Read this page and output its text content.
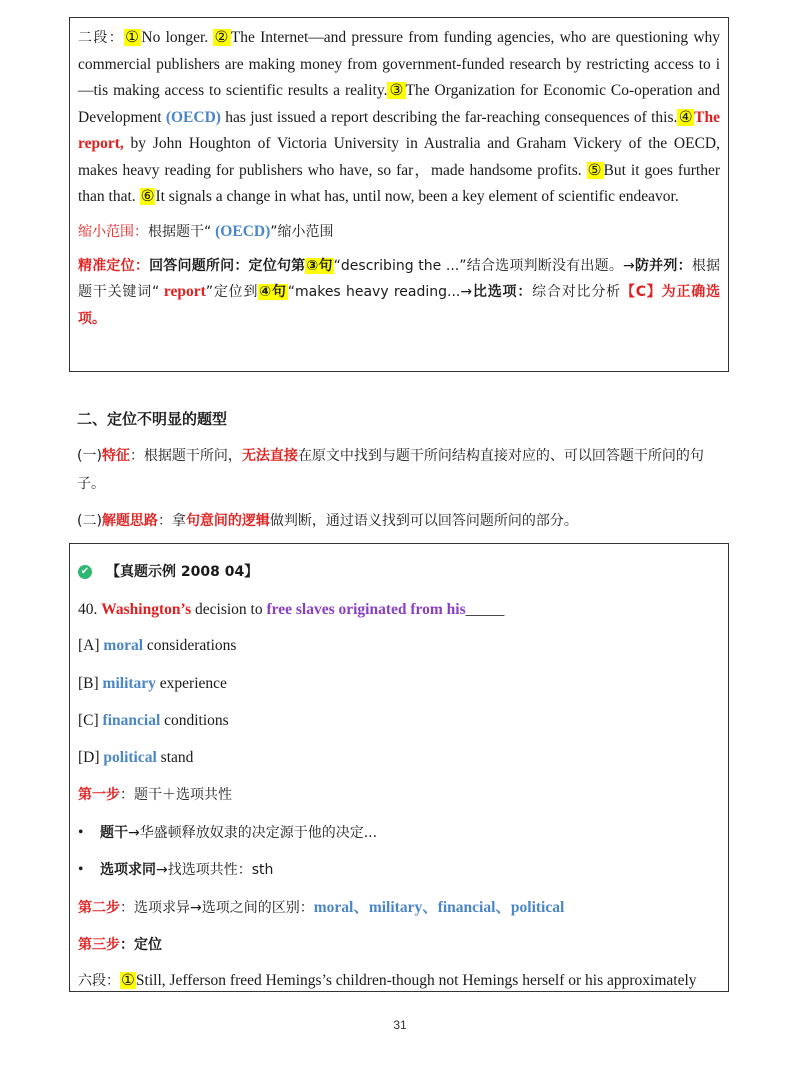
二段：①No longer. ②The Internet—and pressure from funding agencies, who are questioning why commercial publishers are making money from government-funded research by restricting access to i —tis making access to scientific results a reality.③The Organization for Economic Co-operation and Development (OECD) has just issued a report describing the far-reaching consequences of this.④The report, by John Houghton of Victoria University in Australia and Graham Vickery of the OECD, makes heavy reading for publishers who have, so far，made handsome profits. ⑤But it goes further than that. ⑥It signals a change in what has, until now, been a key element of scientific endeavor.

缩小范围：根据题干“ (OECD)”缩小范围

精准定位：回答问题所问：定位句第③句“describing the ...”结合选项判断没有出题。→防并列：根据题干关键词“ report”定位到④句“makes heavy reading...→比选项：综合对比分析【C】为正确选项。

二、定位不明显的题型
(一)特征：根据题干所问，无法直接在原文中找到与题干所问结构直接对应的、可以回答题干所问的句子。
(二)解题思路：拿句意间的逻辑做判断，通过语义找到可以回答问题所问的部分。
✔ 【真题示例 2008 04】
40. Washington’s decision to free slaves originated from his_____
[A] moral considerations
[B] military experience
[C] financial conditions
[D] political stand
第一步：题干＋选项共性
• 题干→华盛顿释放奴隶的决定源于他的决定...
• 选项求同→找选项共性：sth
第二步：选项求异→选项之间的区别：moral、military、financial、political
第三步：定位
六段：①Still, Jefferson freed Hemings’s children-though not Hemings herself or his approximately
31
